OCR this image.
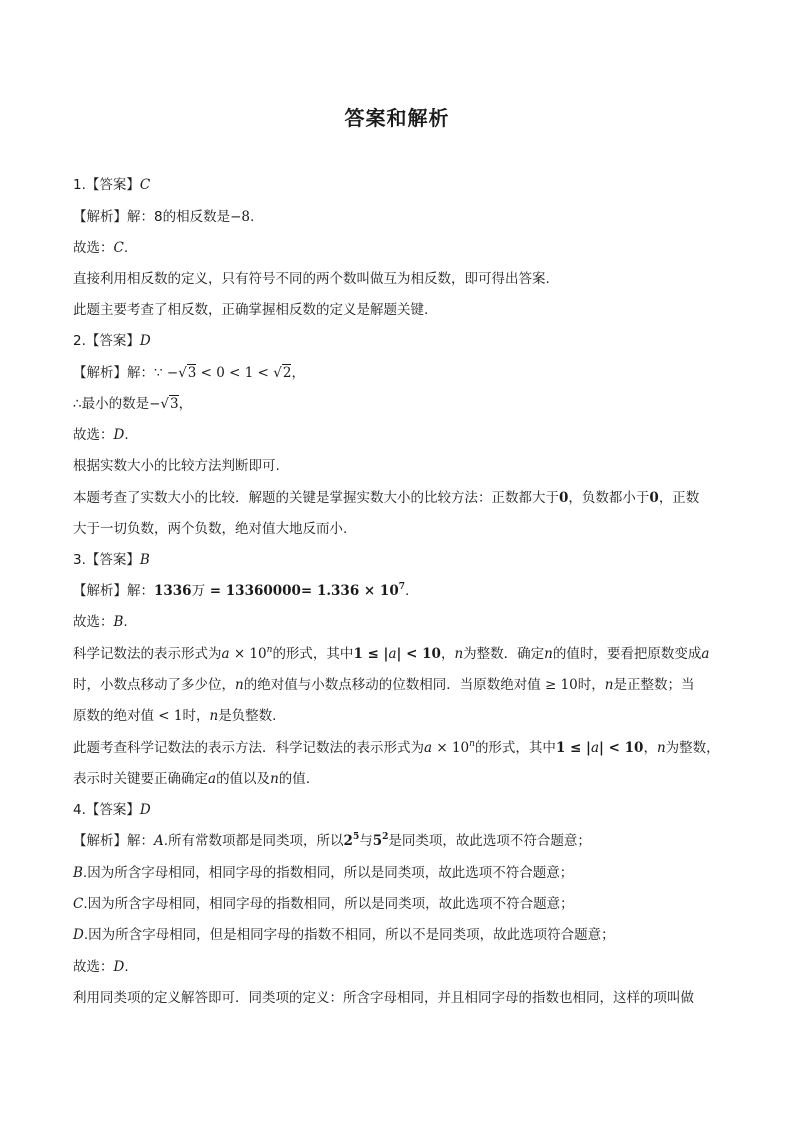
答案和解析
1.【答案】C
【解析】解：8的相反数是−8.
故选：C.
直接利用相反数的定义，只有符号不同的两个数叫做互为相反数，即可得出答案.
此题主要考查了相反数，正确掌握相反数的定义是解题关键.
2.【答案】D
【解析】解：∵ −√3 < 0 < 1 < √2，
∴最小的数是−√3，
故选：D.
根据实数大小的比较方法判断即可.
本题考查了实数大小的比较．解题的关键是掌握实数大小的比较方法：正数都大于0，负数都小于0，正数
大于一切负数，两个负数，绝对值大地反而小.
3.【答案】B
【解析】解：1336万 = $13360000= 1.336 \times 10^7$.
故选：B.
科学记数法的表示形式为$a \times 10^n$的形式，其中1 ≤ |a| < 10，n为整数．确定n的值时，要看把原数变成a
时，小数点移动了多少位，n的绝对值与小数点移动的位数相同．当原数绝对值 ≥ 10时，n是正整数；当
原数的绝对值 < 1时，n是负整数.
此题考查科学记数法的表示方法．科学记数法的表示形式为$a \times 10^n$的形式，其中1 ≤ |a| < 10，n为整数，
表示时关键要正确确定a的值以及n的值.
4.【答案】D
【解析】解：A.所有常数项都是同类项，所以$2^5$与$5^2$是同类项，故此选项不符合题意；
B.因为所含字母相同，相同字母的指数相同，所以是同类项，故此选项不符合题意；
C.因为所含字母相同，相同字母的指数相同，所以是同类项，故此选项不符合题意；
D.因为所含字母相同，但是相同字母的指数不相同，所以不是同类项，故此选项符合题意；
故选：D.
利用同类项的定义解答即可．同类项的定义：所含字母相同，并且相同字母的指数也相同，这样的项叫做
